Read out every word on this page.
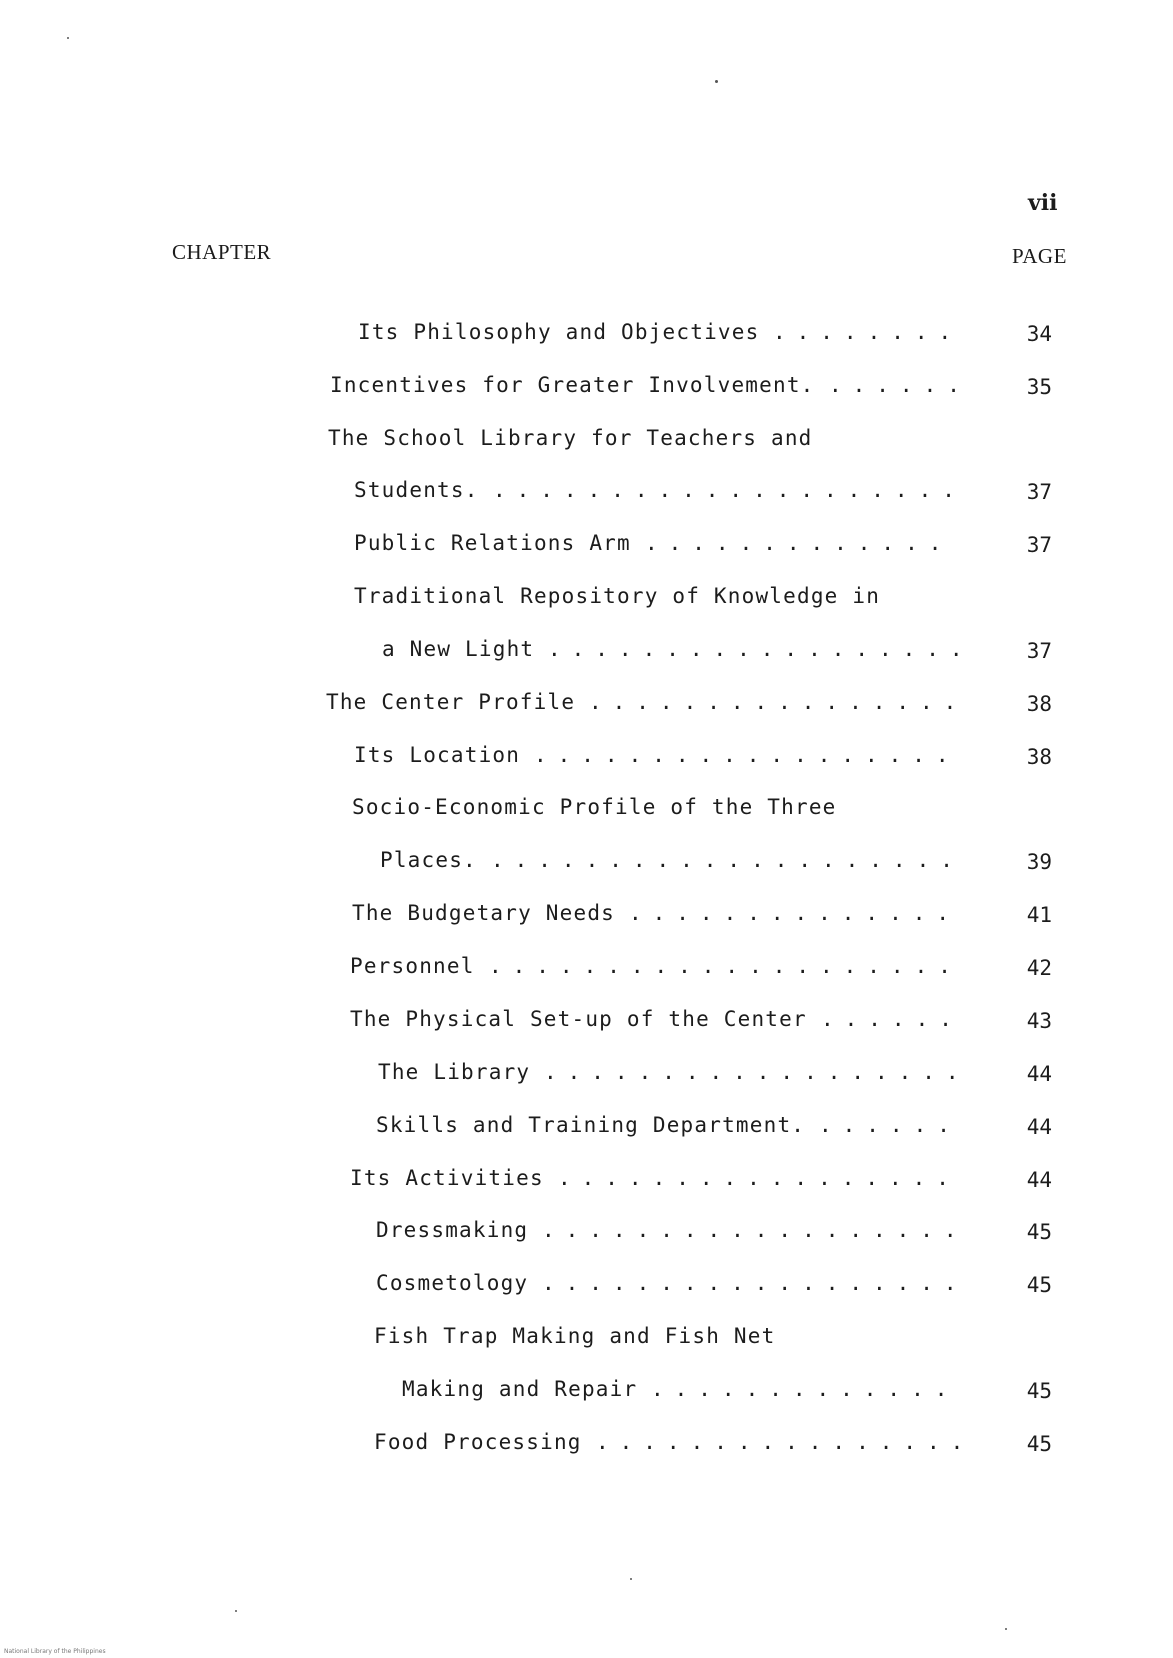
vii
CHAPTER	PAGE
Its Philosophy and Objectives	34
........
Incentives for Greater Involvement.	35
......
The School Library for Teachers and
Students.	37
....................
Public Relations Arm	37
.............
Traditional Repository of Knowledge in
a New Light	37
..................
The Center Profile	38
................
Its Location	38
..................
Socio-Economic Profile of the Three
Places.	39
....................
The Budgetary Needs	41
..............
Personnel	42
....................
The Physical Set-up of the Center	43
......
The Library	44
..................
Skills and Training Department.	44
......
Its Activities	44
.................
Dressmaking	45
..................
Cosmetology	45
..................
Fish Trap Making and Fish Net
Making and Repair	45
.............
Food Processing	45
................
National Library of the Philippines
